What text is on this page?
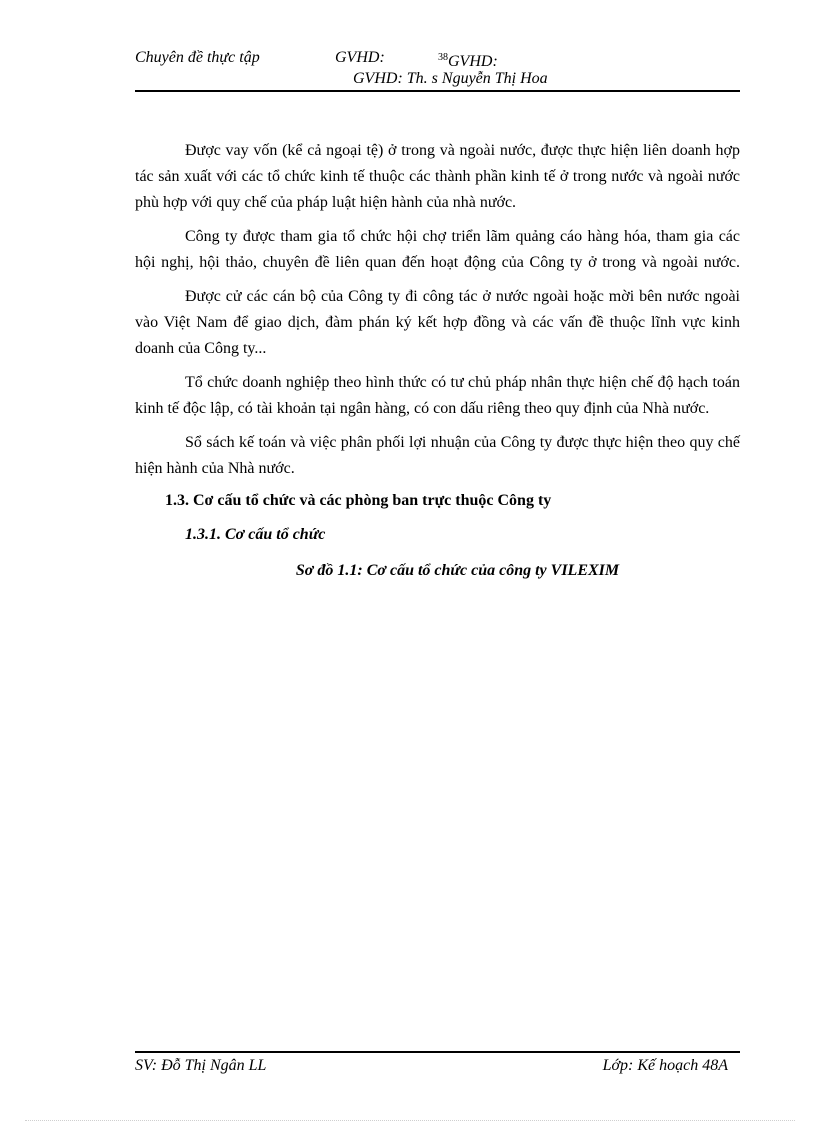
Chuyên đề thực tập	GVHD:	$^{38}$GVHD:
GVHD: Th. s Nguyễn Thị Hoa

Được vay vốn (kể cả ngoại tệ) ở trong và ngoài nước, được thực hiện liên doanh hợp tác sản xuất với các tổ chức kinh tế thuộc các thành phần kinh tế ở trong nước và ngoài nước phù hợp với quy chế của pháp luật hiện hành của nhà nước.

Công ty được tham gia tổ chức hội chợ triển lãm quảng cáo hàng hóa, tham gia các hội nghị, hội thảo, chuyên đề liên quan đến hoạt động của Công ty ở trong và ngoài nước.

Được cử các cán bộ của Công ty đi công tác ở nước ngoài hoặc mời bên nước ngoài vào Việt Nam để giao dịch, đàm phán ký kết hợp đồng và các vấn đề thuộc lĩnh vực kinh doanh của Công ty...

Tổ chức doanh nghiệp theo hình thức có tư chủ pháp nhân thực hiện chế độ hạch toán kinh tế độc lập, có tài khoản tại ngân hàng, có con dấu riêng theo quy định của Nhà nước.

Sổ sách kế toán và việc phân phối lợi nhuận của Công ty được thực hiện theo quy chế hiện hành của Nhà nước.

1.3. Cơ cấu tổ chức và các phòng ban trực thuộc Công ty
1.3.1. Cơ cấu tổ chức
Sơ đồ 1.1: Cơ cấu tổ chức của công ty VILEXIM
SV: Đỗ Thị Ngân LL	Lớp: Kế hoạch 48A
